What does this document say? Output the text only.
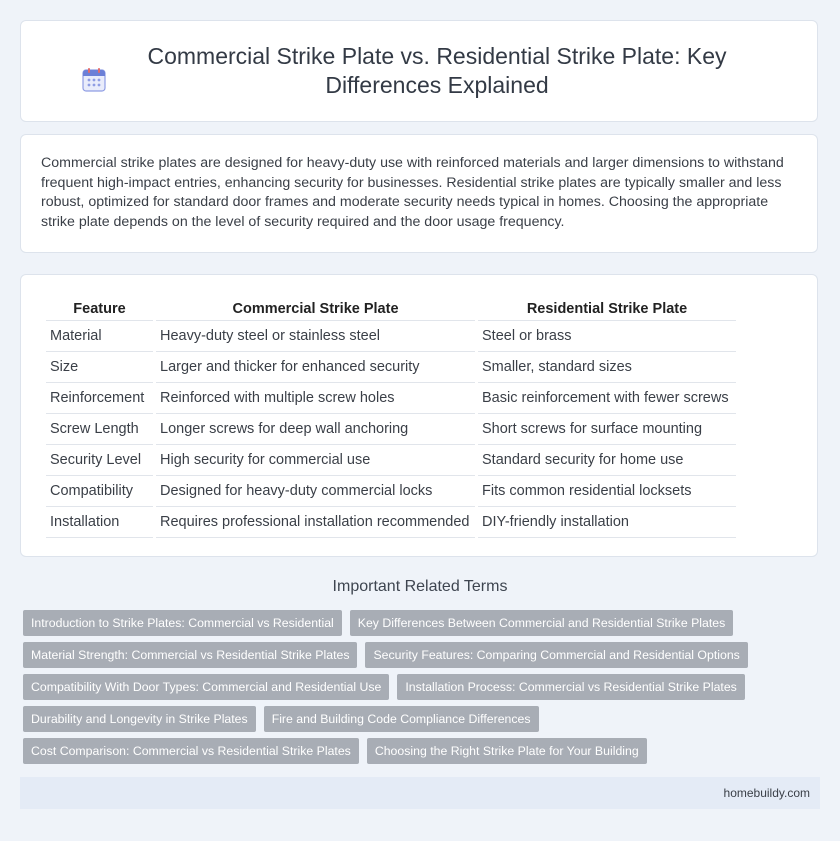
Commercial Strike Plate vs. Residential Strike Plate: Key Differences Explained

Commercial strike plates are designed for heavy-duty use with reinforced materials and larger dimensions to withstand frequent high-impact entries, enhancing security for businesses. Residential strike plates are typically smaller and less robust, optimized for standard door frames and moderate security needs typical in homes. Choosing the appropriate strike plate depends on the level of security required and the door usage frequency.

Feature	Commercial Strike Plate	Residential Strike Plate
Material	Heavy-duty steel or stainless steel	Steel or brass
Size	Larger and thicker for enhanced security	Smaller, standard sizes
Reinforcement	Reinforced with multiple screw holes	Basic reinforcement with fewer screws
Screw Length	Longer screws for deep wall anchoring	Short screws for surface mounting
Security Level	High security for commercial use	Standard security for home use
Compatibility	Designed for heavy-duty commercial locks	Fits common residential locksets
Installation	Requires professional installation recommended	DIY-friendly installation
Important Related Terms
Introduction to Strike Plates: Commercial vs Residential	Key Differences Between Commercial and Residential Strike Plates
Material Strength: Commercial vs Residential Strike Plates	Security Features: Comparing Commercial and Residential Options
Compatibility With Door Types: Commercial and Residential Use	Installation Process: Commercial vs Residential Strike Plates
Durability and Longevity in Strike Plates	Fire and Building Code Compliance Differences
Cost Comparison: Commercial vs Residential Strike Plates	Choosing the Right Strike Plate for Your Building
homebuildy.com
